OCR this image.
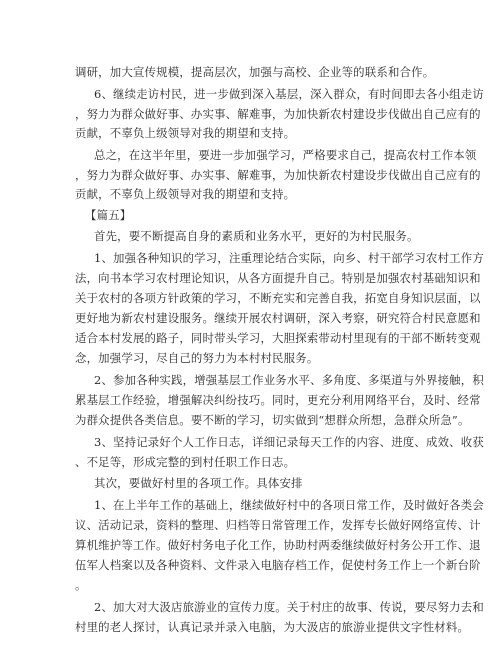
调研，加大宣传规模，提高层次，加强与高校、企业等的联系和合作。
6、继续走访村民，进一步做到深入基层，深入群众，有时间即去各小组走访
，努力为群众做好事、办实事、解难事，为加快新农村建设步伐做出自己应有的
贡献，不辜负上级领导对我的期望和支持。
总之，在这半年里，要进一步加强学习，严格要求自己，提高农村工作本领
，努力为群众做好事、办实事、解难事，为加快新农村建设步伐做出自己应有的
贡献，不辜负上级领导对我的期望和支持。
【篇五】
首先，要不断提高自身的素质和业务水平，更好的为村民服务。
1、加强各种知识的学习，注重理论结合实际，向乡、村干部学习农村工作方
法，向书本学习农村理论知识，从各方面提升自己。特别是加强农村基础知识和
关于农村的各项方针政策的学习，不断充实和完善自我，拓宽自身知识层面，以
更好地为新农村建设服务。继续开展农村调研，深入考察，研究符合村民意愿和
适合本村发展的路子，同时带头学习，大胆探索带动村里现有的干部不断转变观
念，加强学习，尽自己的努力为本村村民服务。
2、参加各种实践，增强基层工作业务水平、多角度、多渠道与外界接触，积
累基层工作经验，增强解决纠纷技巧。同时，更充分利用网络平台，及时、经常
为群众提供各类信息。要不断的学习，切实做到“想群众所想，急群众所急”。
3、坚持记录好个人工作日志，详细记录每天工作的内容、进度、成效、收获
、不足等，形成完整的到村任职工作日志。
其次，要做好村里的各项工作。具体安排
1、在上半年工作的基础上，继续做好村中的各项日常工作，及时做好各类会
议、活动记录，资料的整理、归档等日常管理工作，发挥专长做好网络宣传、计
算机维护等工作。做好村务电子化工作，协助村两委继续做好村务公开工作、退
伍军人档案以及各种资料、文件录入电脑存档工作，促使村务工作上一个新台阶
。
2、加大对大汲店旅游业的宣传力度。关于村庄的故事、传说，要尽努力去和
村里的老人探讨，认真记录并录入电脑，为大汲店的旅游业提供文字性材料。
